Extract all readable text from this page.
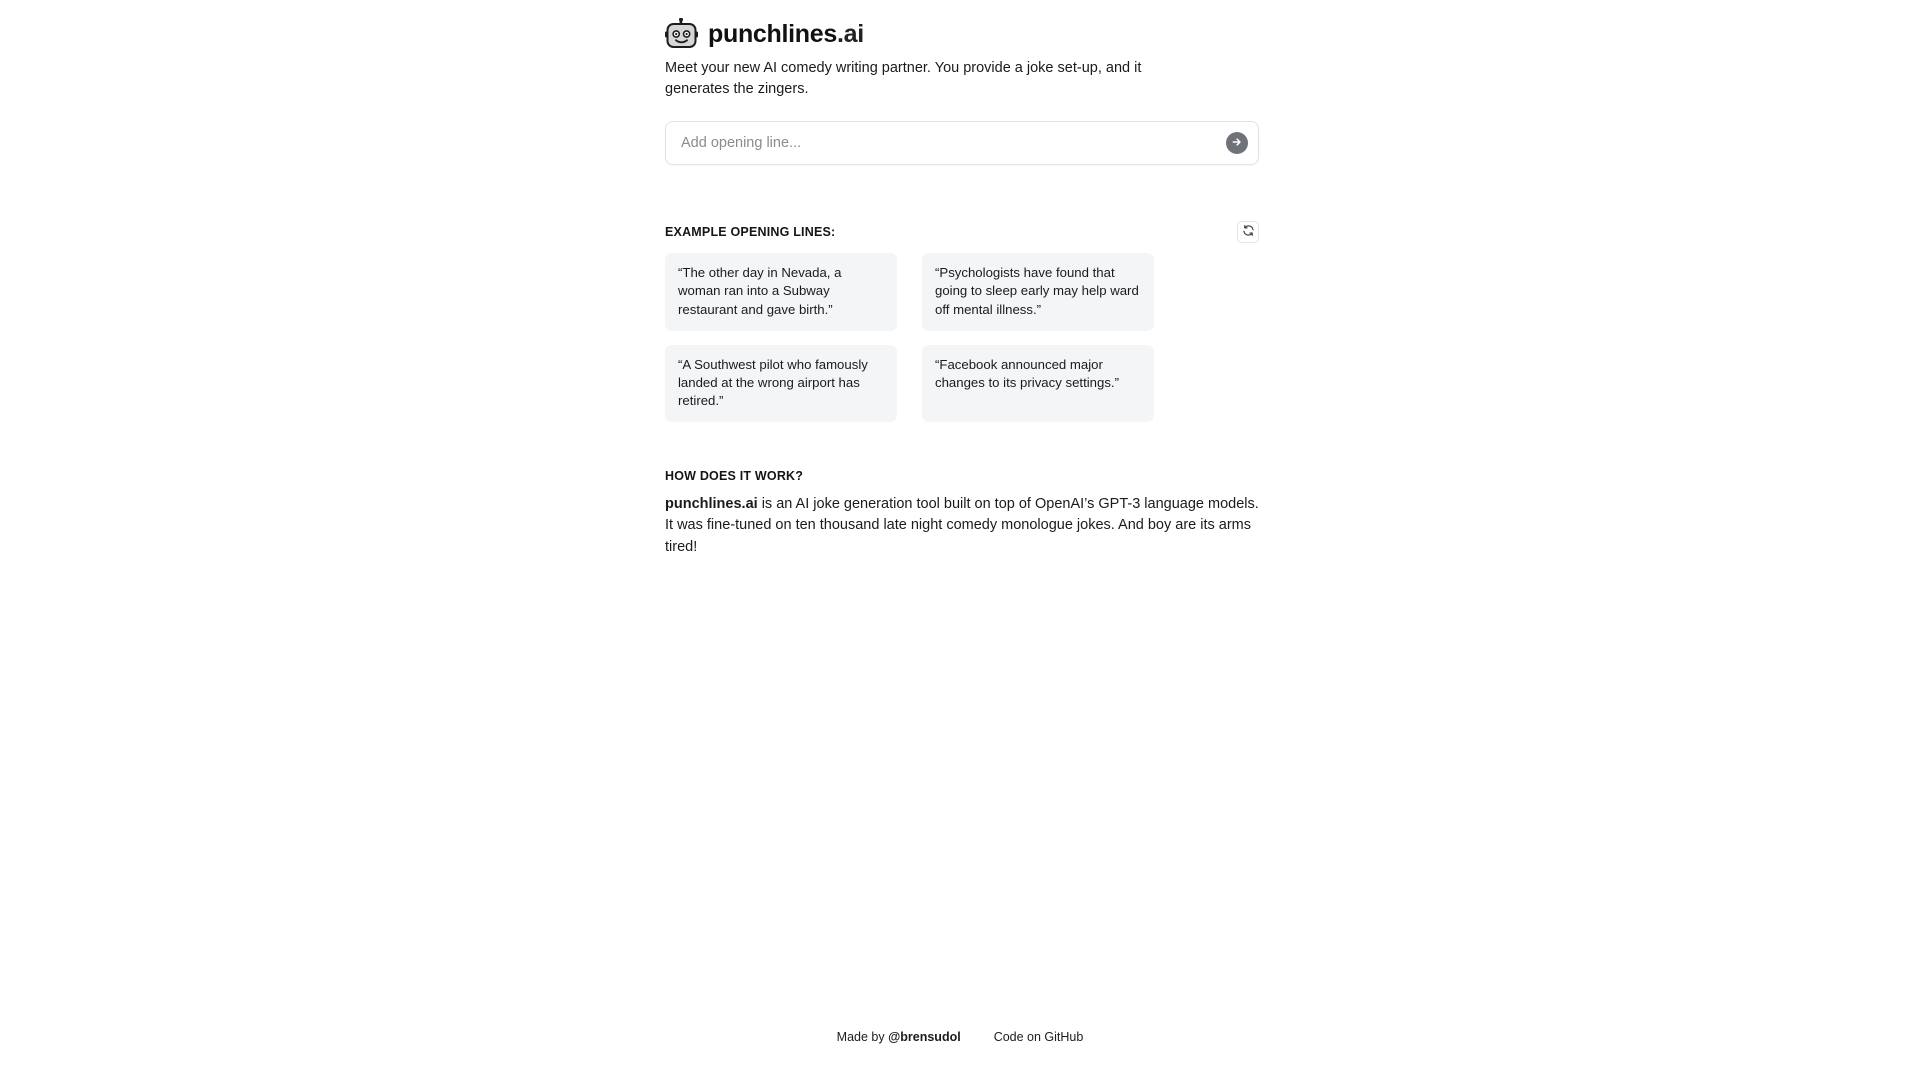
punchlines.ai
Meet your new AI comedy writing partner. You provide a joke set-up, and it generates the zingers.
Add opening line...
EXAMPLE OPENING LINES:
“The other day in Nevada, a woman ran into a Subway restaurant and gave birth.”
“Psychologists have found that going to sleep early may help ward off mental illness.”
“A Southwest pilot who famously landed at the wrong airport has retired.”
“Facebook announced major changes to its privacy settings.”
HOW DOES IT WORK?
punchlines.ai is an AI joke generation tool built on top of OpenAI’s GPT-3 language models. It was fine-tuned on ten thousand late night comedy monologue jokes. And boy are its arms tired!
Made by @brensudol	Code on GitHub
